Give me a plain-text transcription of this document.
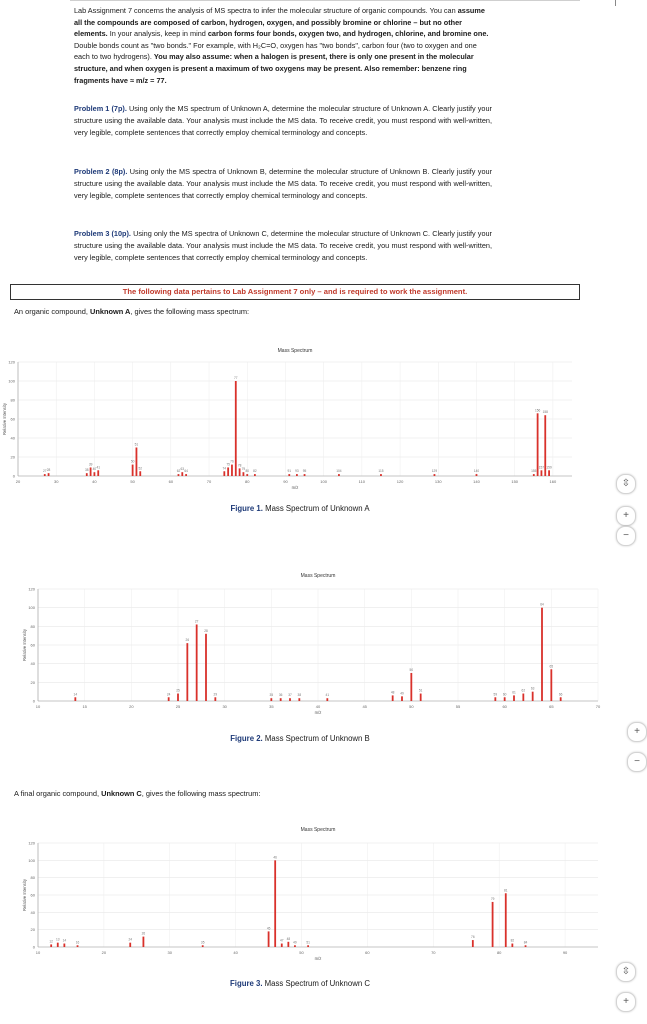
Lab Assignment 7 concerns the analysis of MS spectra to infer the molecular structure of organic compounds. You can assume all the compounds are composed of carbon, hydrogen, oxygen, and possibly bromine or chlorine – but no other elements. In your analysis, keep in mind carbon forms four bonds, oxygen two, and hydrogen, chlorine, and bromine one. Double bonds count as "two bonds." For example, with H₂C=O, oxygen has "two bonds", carbon four (two to oxygen and one each to two hydrogens). You may also assume: when a halogen is present, there is only one present in the molecular structure, and when oxygen is present a maximum of two oxygens may be present. Also remember: benzene ring fragments have ≈ m/z = 77.
Problem 1 (7p). Using only the MS spectrum of Unknown A, determine the molecular structure of Unknown A. Clearly justify your structure using the available data. Your analysis must include the MS data. To receive credit, you must respond with well-written, very legible, complete sentences that correctly employ chemical terminology and concepts.
Problem 2 (8p). Using only the MS spectra of Unknown B, determine the molecular structure of Unknown B. Clearly justify your structure using the available data. Your analysis must include the MS data. To receive credit, you must respond with well-written, very legible, complete sentences that correctly employ chemical terminology and concepts.
Problem 3 (10p). Using only the MS spectra of Unknown C, determine the molecular structure of Unknown C. Clearly justify your structure using the available data. Your analysis must include the MS data. To receive credit, you must respond with well-written, very legible, complete sentences that correctly employ chemical terminology and concepts.
The following data pertains to Lab Assignment 7 only – and is required to work the assignment.
An organic compound, Unknown A, gives the following mass spectrum:
Mass Spectrum
0
20
40
60
80
100
120
20	30	40	50	60	70	80	90	100	110	120	130	140	150	160
m/z
Relative Intensity
27 28	38
39
40 41
50
51
52
62 63 64
74
75
76
77
78
79 80 82	91 93 95	104	115	129	140	155
156
157
158
159
Figure 1. Mass Spectrum of Unknown A
Mass Spectrum
0
20
40
60
80
100
120
10	15	20	25	30	35	40	45	50	55	60	65	70
m/z
Relative Intensity
14	24
25
26
27
28
29	35 36 37 38	41
48 49
50
51
59 60 61 62 63
64
65
66
Figure 2. Mass Spectrum of Unknown B
A final organic compound, Unknown C, gives the following mass spectrum:
Mass Spectrum
0
20
40
60
80
100
120
10	20	30	40	50	60	70	80	90
m/z
Relative Intensity
12 13 14	16
24
26
35
45
46
47 48
49	51
76
79
81
82	84
Figure 3. Mass Spectrum of Unknown C
⇳
+
−
+
−
⇳
+
